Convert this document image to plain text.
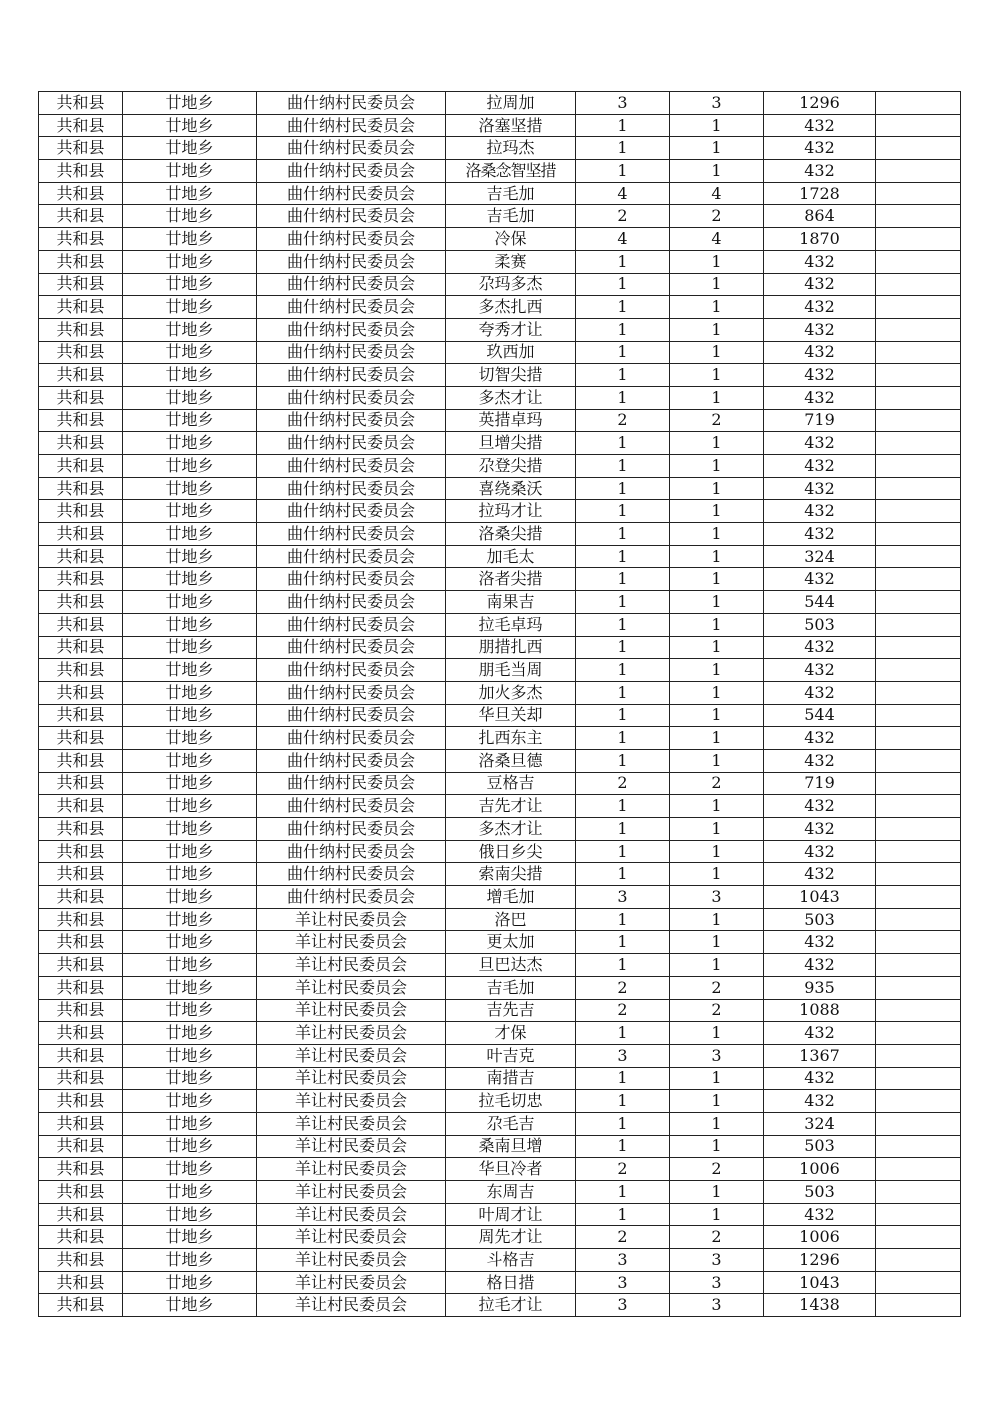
共和县	廿地乡	曲什纳村民委员会	拉周加	3	3	1296	
共和县	廿地乡	曲什纳村民委员会	洛塞坚措	1	1	432	
共和县	廿地乡	曲什纳村民委员会	拉玛杰	1	1	432	
共和县	廿地乡	曲什纳村民委员会	洛桑念智坚措	1	1	432	
共和县	廿地乡	曲什纳村民委员会	吉毛加	4	4	1728	
共和县	廿地乡	曲什纳村民委员会	吉毛加	2	2	864	
共和县	廿地乡	曲什纳村民委员会	冷保	4	4	1870	
共和县	廿地乡	曲什纳村民委员会	柔赛	1	1	432	
共和县	廿地乡	曲什纳村民委员会	尕玛多杰	1	1	432	
共和县	廿地乡	曲什纳村民委员会	多杰扎西	1	1	432	
共和县	廿地乡	曲什纳村民委员会	夸秀才让	1	1	432	
共和县	廿地乡	曲什纳村民委员会	玖西加	1	1	432	
共和县	廿地乡	曲什纳村民委员会	切智尖措	1	1	432	
共和县	廿地乡	曲什纳村民委员会	多杰才让	1	1	432	
共和县	廿地乡	曲什纳村民委员会	英措卓玛	2	2	719	
共和县	廿地乡	曲什纳村民委员会	旦增尖措	1	1	432	
共和县	廿地乡	曲什纳村民委员会	尕登尖措	1	1	432	
共和县	廿地乡	曲什纳村民委员会	喜绕桑沃	1	1	432	
共和县	廿地乡	曲什纳村民委员会	拉玛才让	1	1	432	
共和县	廿地乡	曲什纳村民委员会	洛桑尖措	1	1	432	
共和县	廿地乡	曲什纳村民委员会	加毛太	1	1	324	
共和县	廿地乡	曲什纳村民委员会	洛者尖措	1	1	432	
共和县	廿地乡	曲什纳村民委员会	南果吉	1	1	544	
共和县	廿地乡	曲什纳村民委员会	拉毛卓玛	1	1	503	
共和县	廿地乡	曲什纳村民委员会	朋措扎西	1	1	432	
共和县	廿地乡	曲什纳村民委员会	朋毛当周	1	1	432	
共和县	廿地乡	曲什纳村民委员会	加火多杰	1	1	432	
共和县	廿地乡	曲什纳村民委员会	华旦关却	1	1	544	
共和县	廿地乡	曲什纳村民委员会	扎西东主	1	1	432	
共和县	廿地乡	曲什纳村民委员会	洛桑旦德	1	1	432	
共和县	廿地乡	曲什纳村民委员会	豆格吉	2	2	719	
共和县	廿地乡	曲什纳村民委员会	吉先才让	1	1	432	
共和县	廿地乡	曲什纳村民委员会	多杰才让	1	1	432	
共和县	廿地乡	曲什纳村民委员会	俄日乡尖	1	1	432	
共和县	廿地乡	曲什纳村民委员会	索南尖措	1	1	432	
共和县	廿地乡	曲什纳村民委员会	增毛加	3	3	1043	
共和县	廿地乡	羊让村民委员会	洛巴	1	1	503	
共和县	廿地乡	羊让村民委员会	更太加	1	1	432	
共和县	廿地乡	羊让村民委员会	旦巴达杰	1	1	432	
共和县	廿地乡	羊让村民委员会	吉毛加	2	2	935	
共和县	廿地乡	羊让村民委员会	吉先吉	2	2	1088	
共和县	廿地乡	羊让村民委员会	才保	1	1	432	
共和县	廿地乡	羊让村民委员会	叶吉克	3	3	1367	
共和县	廿地乡	羊让村民委员会	南措吉	1	1	432	
共和县	廿地乡	羊让村民委员会	拉毛切忠	1	1	432	
共和县	廿地乡	羊让村民委员会	尕毛吉	1	1	324	
共和县	廿地乡	羊让村民委员会	桑南旦增	1	1	503	
共和县	廿地乡	羊让村民委员会	华旦冷者	2	2	1006	
共和县	廿地乡	羊让村民委员会	东周吉	1	1	503	
共和县	廿地乡	羊让村民委员会	叶周才让	1	1	432	
共和县	廿地乡	羊让村民委员会	周先才让	2	2	1006	
共和县	廿地乡	羊让村民委员会	斗格吉	3	3	1296	
共和县	廿地乡	羊让村民委员会	格日措	3	3	1043	
共和县	廿地乡	羊让村民委员会	拉毛才让	3	3	1438	
